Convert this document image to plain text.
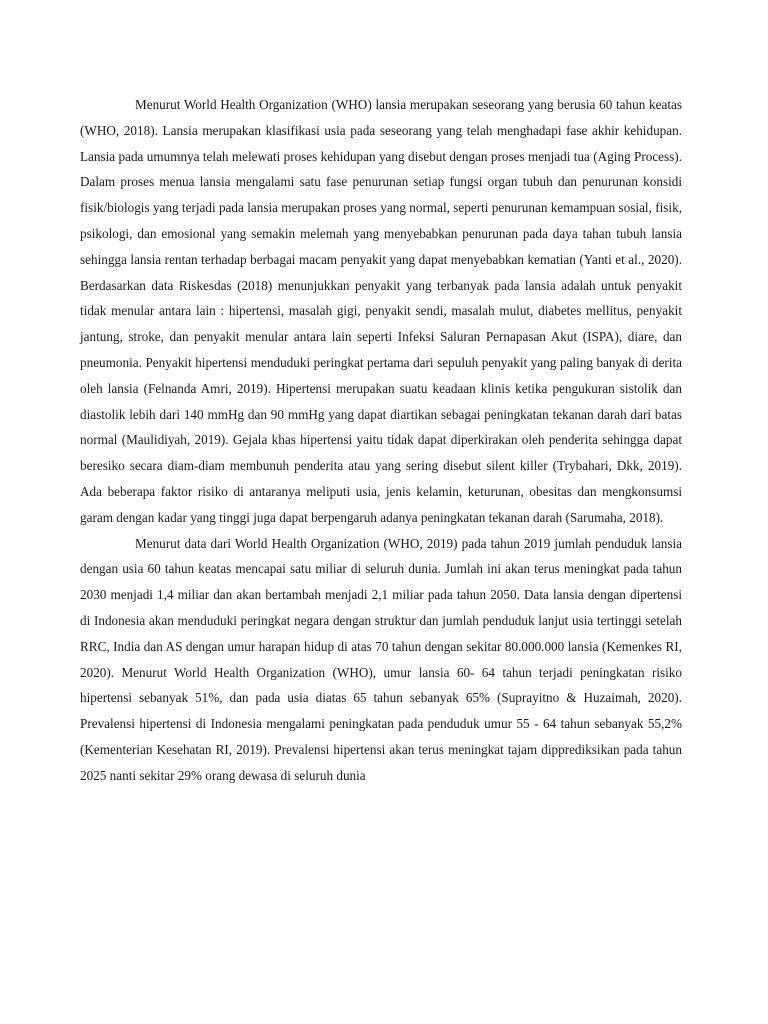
Menurut World Health Organization (WHO) lansia merupakan seseorang yang berusia 60 tahun keatas (WHO, 2018). Lansia merupakan klasifikasi usia pada seseorang yang telah menghadapi fase akhir kehidupan. Lansia pada umumnya telah melewati proses kehidupan yang disebut dengan proses menjadi tua (Aging Process). Dalam proses menua lansia mengalami satu fase penurunan setiap fungsi organ tubuh dan penurunan konsidi fisik/biologis yang terjadi pada lansia merupakan proses yang normal, seperti penurunan kemampuan sosial, fisik, psikologi, dan emosional yang semakin melemah yang menyebabkan penurunan pada daya tahan tubuh lansia sehingga lansia rentan terhadap berbagai macam penyakit yang dapat menyebabkan kematian (Yanti et al., 2020). Berdasarkan data Riskesdas (2018) menunjukkan penyakit yang terbanyak pada lansia adalah untuk penyakit tidak menular antara lain : hipertensi, masalah gigi, penyakit sendi, masalah mulut, diabetes mellitus, penyakit jantung, stroke, dan penyakit menular antara lain seperti Infeksi Saluran Pernapasan Akut (ISPA), diare, dan pneumonia. Penyakit hipertensi menduduki peringkat pertama dari sepuluh penyakit yang paling banyak di derita oleh lansia (Felnanda Amri, 2019). Hipertensi merupakan suatu keadaan klinis ketika pengukuran sistolik dan diastolik lebih dari 140 mmHg dan 90 mmHg yang dapat diartikan sebagai peningkatan tekanan darah dari batas normal (Maulidiyah, 2019). Gejala khas hipertensi yaitu tidak dapat diperkirakan oleh penderita sehingga dapat beresiko secara diam-diam membunuh penderita atau yang sering disebut silent killer (Trybahari, Dkk, 2019). Ada beberapa faktor risiko di antaranya meliputi usia, jenis kelamin, keturunan, obesitas dan mengkonsumsi garam dengan kadar yang tinggi juga dapat berpengaruh adanya peningkatan tekanan darah (Sarumaha, 2018).

Menurut data dari World Health Organization (WHO, 2019) pada tahun 2019 jumlah penduduk lansia dengan usia 60 tahun keatas mencapai satu miliar di seluruh dunia. Jumlah ini akan terus meningkat pada tahun 2030 menjadi 1,4 miliar dan akan bertambah menjadi 2,1 miliar pada tahun 2050. Data lansia dengan dipertensi di Indonesia akan menduduki peringkat negara dengan struktur dan jumlah penduduk lanjut usia tertinggi setelah RRC, India dan AS dengan umur harapan hidup di atas 70 tahun dengan sekitar 80.000.000 lansia (Kemenkes RI, 2020). Menurut World Health Organization (WHO), umur lansia 60- 64 tahun terjadi peningkatan risiko hipertensi sebanyak 51%, dan pada usia diatas 65 tahun sebanyak 65% (Suprayitno & Huzaimah, 2020). Prevalensi hipertensi di Indonesia mengalami peningkatan pada penduduk umur 55 - 64 tahun sebanyak 55,2% (Kementerian Kesehatan RI, 2019). Prevalensi hipertensi akan terus meningkat tajam dipprediksikan pada tahun 2025 nanti sekitar 29% orang dewasa di seluruh dunia
